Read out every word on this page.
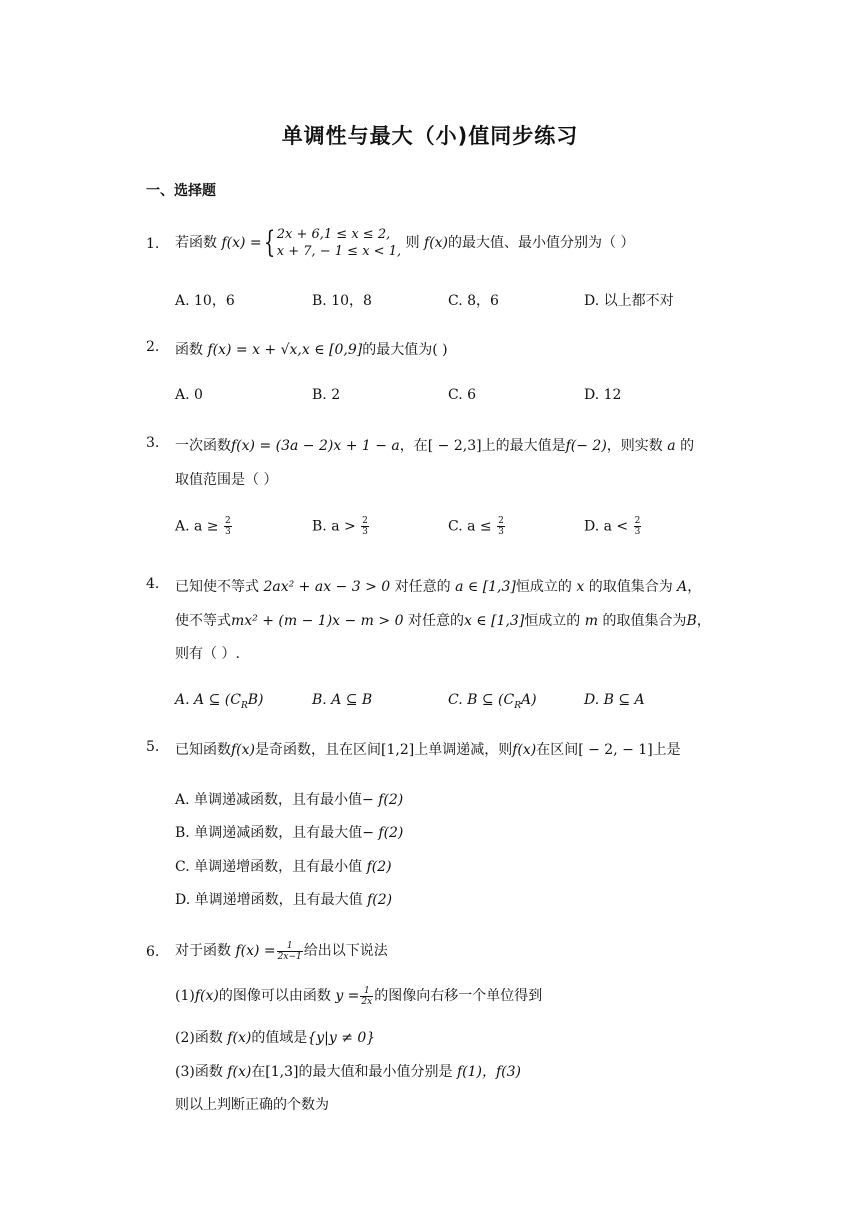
单调性与最大（小)值同步练习
一、选择题
1. 若函数 f(x) ={ 2x + 6,1 ≤ x ≤ 2,
x + 7, − 1 ≤ x < 1,
则 f(x)的最大值、最小值分别为（ ）
A. 10，6	B. 10，8	C. 8，6	D. 以上都不对
2. 函数 f(x) = x + √x,x ∈ [0,9]的最大值为( )
A. 0	B. 2	C. 6	D. 12
3. 一次函数f(x) = (3a − 2)x + 1 − a，在[ − 2,3]上的最大值是f(− 2)，则实数 a 的
取值范围是（ ）
A. $a \ge \frac{2}{3}$	B. $a > \frac{2}{3}$	C. $a \le \frac{2}{3}$	D. $a < \frac{2}{3}$
4. 已知使不等式 2ax² + ax − 3 > 0 对任意的 a ∈ [1,3]恒成立的 x 的取值集合为 A，
使不等式mx² + (m − 1)x − m > 0 对任意的x ∈ [1,3]恒成立的 m 的取值集合为B，
则有（ ）.
A. A ⊆ $(C_RB)$	B. A ⊆ B	C. B ⊆ $(C_RA)$	D. B ⊆ A
5. 已知函数f(x)是奇函数，且在区间[1,2]上单调递减，则f(x)在区间[ − 2, − 1]上是
A. 单调递减函数，且有最小值− f(2)
B. 单调递减函数，且有最大值− f(2)
C. 单调递增函数，且有最小值 f(2)
D. 单调递增函数，且有最大值 f(2)
6. 对于函数 $f(x) = \frac{1}{2x-1}$ 给出以下说法
(1)f(x)的图像可以由函数 $y = \frac{1}{2x}$ 的图像向右移一个单位得到
(2)函数 f(x)的值域是{y|y ≠ 0}
(3)函数 f(x)在[1,3]的最大值和最小值分别是 f(1)，f(3)
则以上判断正确的个数为
